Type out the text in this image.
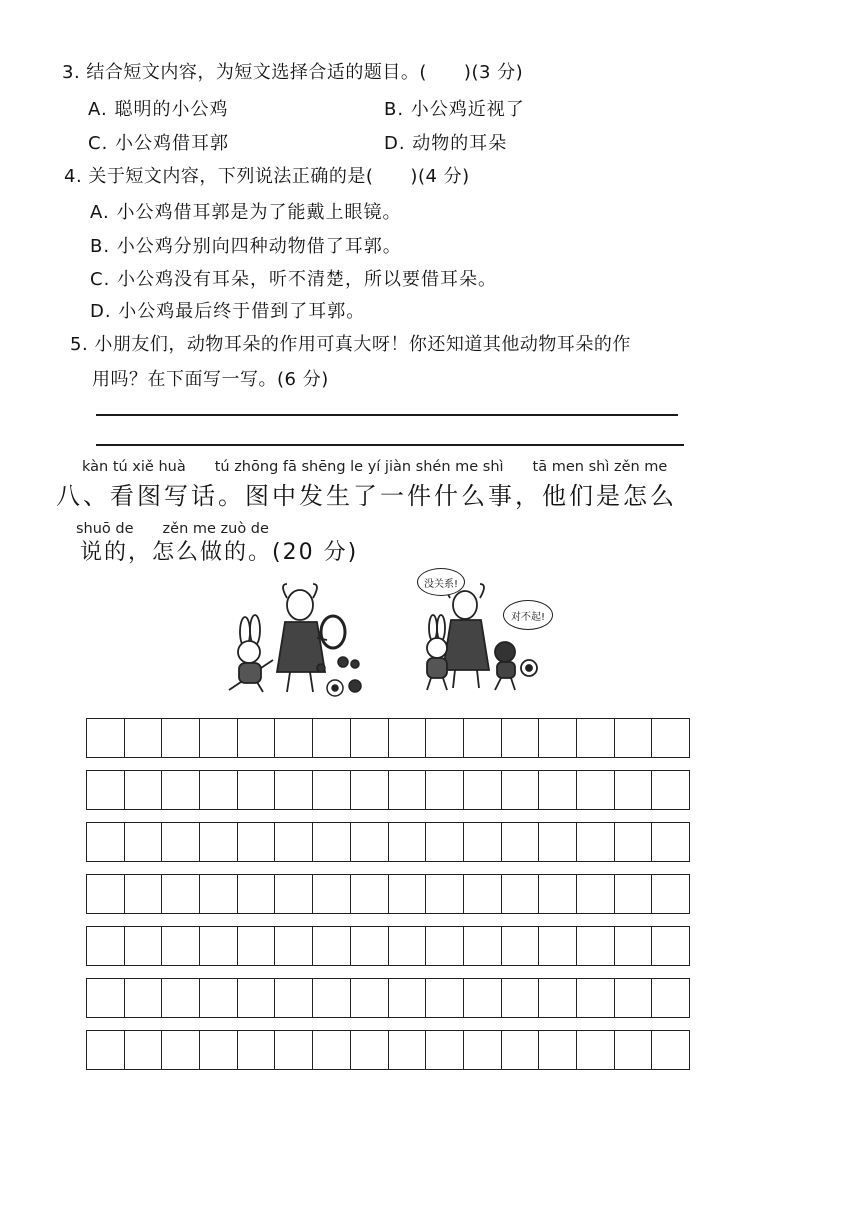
3. 结合短文内容，为短文选择合适的题目。(　　)(3 分)
A. 聪明的小公鸡	B. 小公鸡近视了
C. 小公鸡借耳郭	D. 动物的耳朵
4. 关于短文内容，下列说法正确的是(　　)(4 分)
A. 小公鸡借耳郭是为了能戴上眼镜。
B. 小公鸡分别向四种动物借了耳郭。
C. 小公鸡没有耳朵，听不清楚，所以要借耳朵。
D. 小公鸡最后终于借到了耳郭。
5. 小朋友们，动物耳朵的作用可真大呀！你还知道其他动物耳朵的作
用吗？在下面写一写。(6 分)
kàn tú xiě huà　　tú zhōng fā shēng le yí jiàn shén me shì　　tā men shì zěn me
八、看图写话。图中发生了一件什么事，他们是怎么
shuō de　　zěn me zuò de
说的，怎么做的。(20 分)
没关系!
对不起!
